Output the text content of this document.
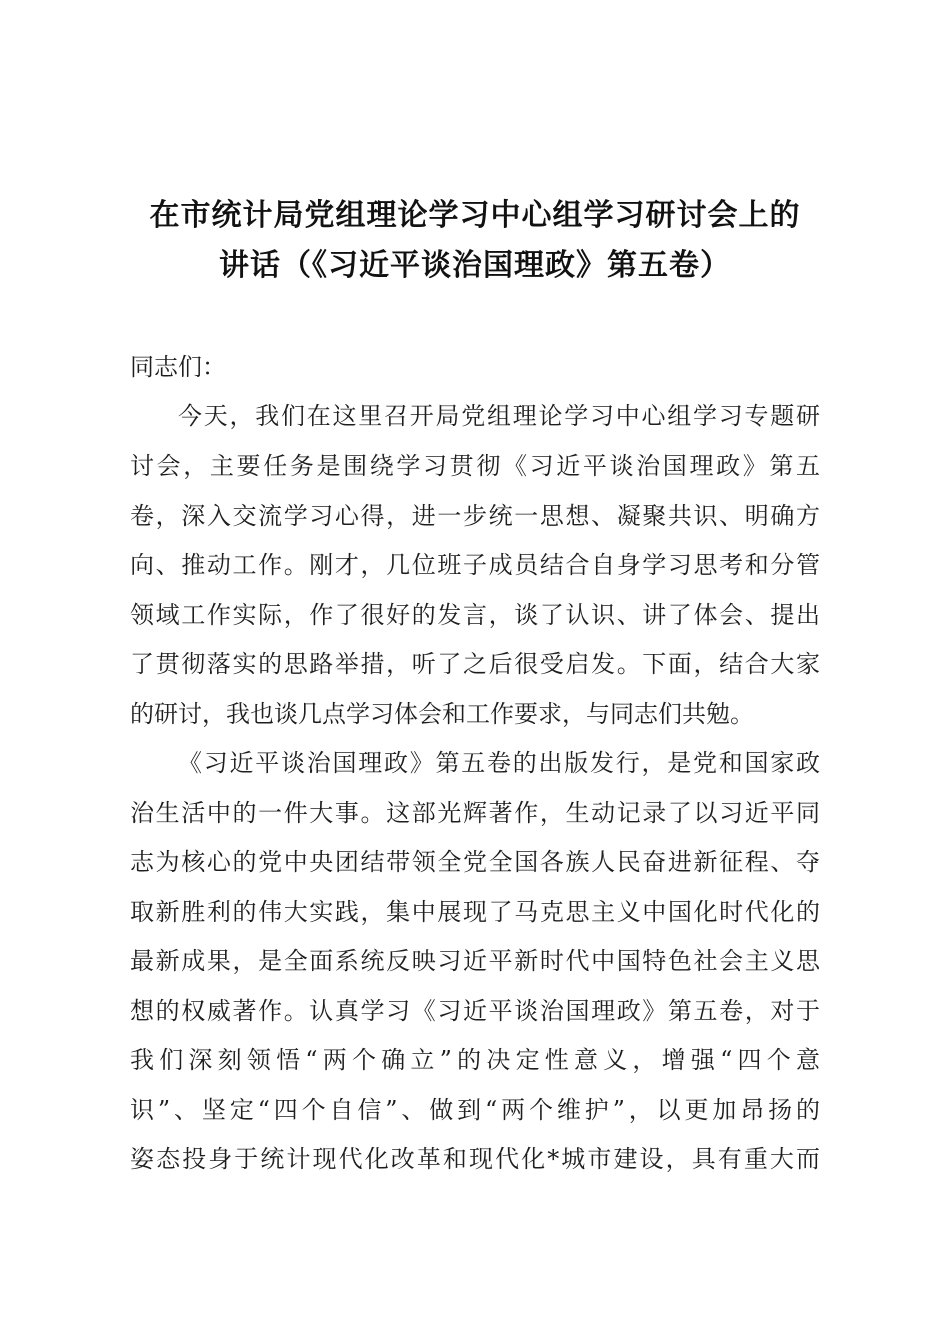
在市统计局党组理论学习中心组学习研讨会上的
讲话（《习近平谈治国理政》第五卷）
同志们：
今天，我们在这里召开局党组理论学习中心组学习专题研
讨会，主要任务是围绕学习贯彻《习近平谈治国理政》第五
卷，深入交流学习心得，进一步统一思想、凝聚共识、明确方
向、推动工作。刚才，几位班子成员结合自身学习思考和分管
领域工作实际，作了很好的发言，谈了认识、讲了体会、提出
了贯彻落实的思路举措，听了之后很受启发。下面，结合大家
的研讨，我也谈几点学习体会和工作要求，与同志们共勉。
《习近平谈治国理政》第五卷的出版发行，是党和国家政
治生活中的一件大事。这部光辉著作，生动记录了以习近平同
志为核心的党中央团结带领全党全国各族人民奋进新征程、夺
取新胜利的伟大实践，集中展现了马克思主义中国化时代化的
最新成果，是全面系统反映习近平新时代中国特色社会主义思
想的权威著作。认真学习《习近平谈治国理政》第五卷，对于
我们深刻领悟“两个确立”的决定性意义，增强“四个意
识”、坚定“四个自信”、做到“两个维护”，以更加昂扬的
姿态投身于统计现代化改革和现代化*城市建设，具有重大而
